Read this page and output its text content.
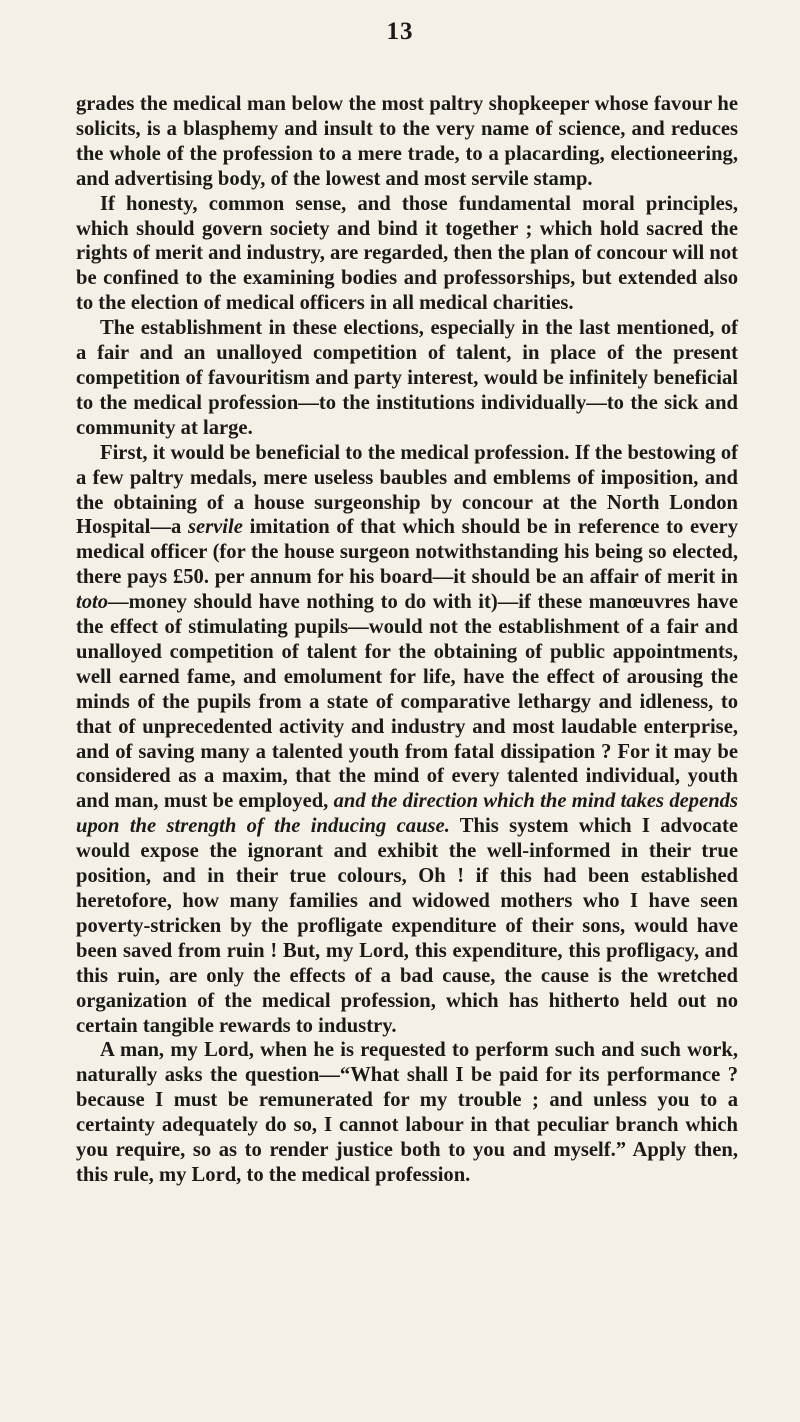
13

grades the medical man below the most paltry shopkeeper whose favour he solicits, is a blasphemy and insult to the very name of science, and reduces the whole of the profession to a mere trade, to a placarding, electioneering, and advertising body, of the lowest and most servile stamp.

If honesty, common sense, and those fundamental moral principles, which should govern society and bind it together ; which hold sacred the rights of merit and industry, are regarded, then the plan of concour will not be confined to the examining bodies and professorships, but extended also to the election of medical officers in all medical charities.

The establishment in these elections, especially in the last mentioned, of a fair and an unalloyed competition of talent, in place of the present competition of favouritism and party interest, would be infinitely beneficial to the medical profession—to the institutions individually—to the sick and community at large.

First, it would be beneficial to the medical profession. If the bestowing of a few paltry medals, mere useless baubles and emblems of imposition, and the obtaining of a house surgeonship by concour at the North London Hospital—a servile imitation of that which should be in reference to every medical officer (for the house surgeon notwithstanding his being so elected, there pays £50. per annum for his board—it should be an affair of merit in toto—money should have nothing to do with it)—if these manœuvres have the effect of stimulating pupils—would not the establishment of a fair and unalloyed competition of talent for the obtaining of public appointments, well earned fame, and emolument for life, have the effect of arousing the minds of the pupils from a state of comparative lethargy and idleness, to that of unprecedented activity and industry and most laudable enterprise, and of saving many a talented youth from fatal dissipation ? For it may be considered as a maxim, that the mind of every talented individual, youth and man, must be employed, and the direction which the mind takes depends upon the strength of the inducing cause. This system which I advocate would expose the ignorant and exhibit the well-informed in their true position, and in their true colours, Oh ! if this had been established heretofore, how many families and widowed mothers who I have seen poverty-stricken by the profligate expenditure of their sons, would have been saved from ruin ! But, my Lord, this expenditure, this profligacy, and this ruin, are only the effects of a bad cause, the cause is the wretched organization of the medical profession, which has hitherto held out no certain tangible rewards to industry.

A man, my Lord, when he is requested to perform such and such work, naturally asks the question—“What shall I be paid for its performance ? because I must be remunerated for my trouble ; and unless you to a certainty adequately do so, I cannot labour in that peculiar branch which you require, so as to render justice both to you and myself.” Apply then, this rule, my Lord, to the medical profession.
